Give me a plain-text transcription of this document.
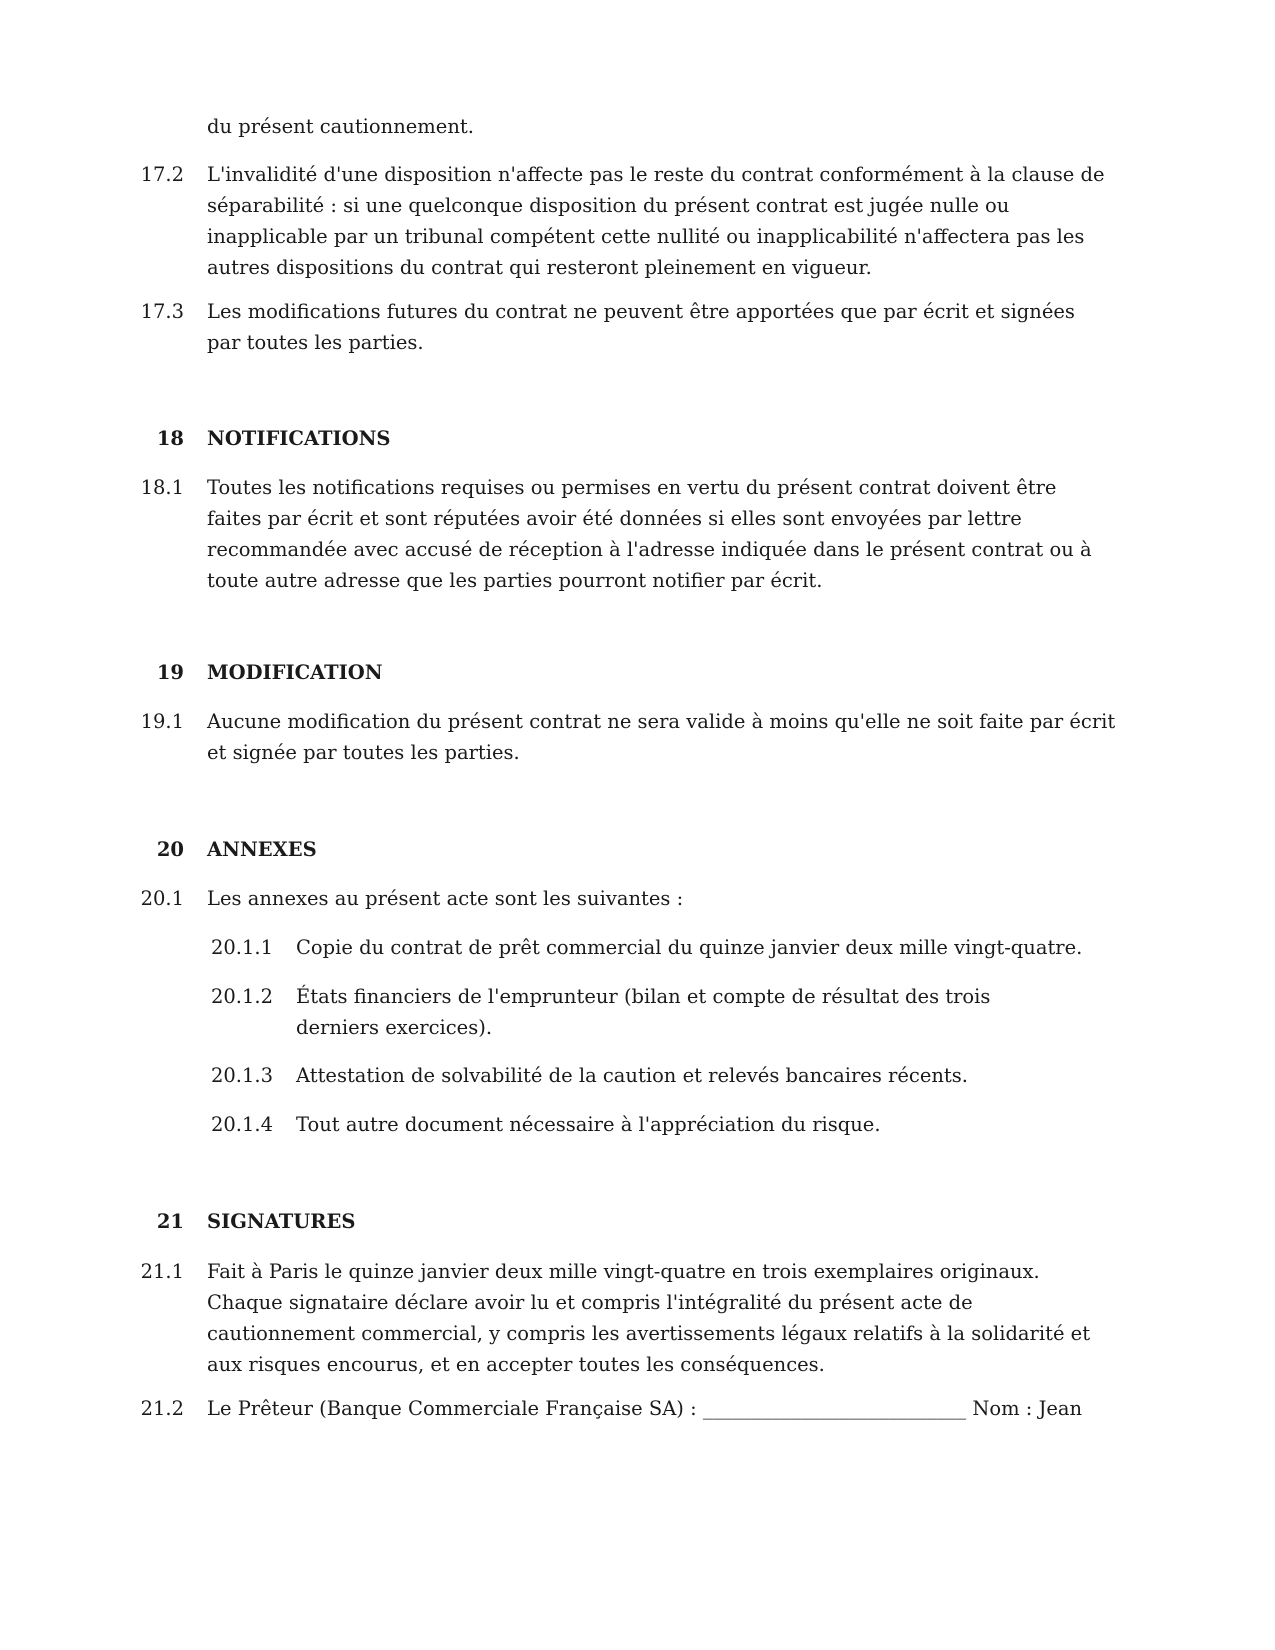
du présent cautionnement.
17.2 L'invalidité d'une disposition n'affecte pas le reste du contrat conformément à la clause de séparabilité : si une quelconque disposition du présent contrat est jugée nulle ou inapplicable par un tribunal compétent cette nullité ou inapplicabilité n'affectera pas les autres dispositions du contrat qui resteront pleinement en vigueur.
17.3 Les modifications futures du contrat ne peuvent être apportées que par écrit et signées par toutes les parties.
18 NOTIFICATIONS
18.1 Toutes les notifications requises ou permises en vertu du présent contrat doivent être faites par écrit et sont réputées avoir été données si elles sont envoyées par lettre recommandée avec accusé de réception à l'adresse indiquée dans le présent contrat ou à toute autre adresse que les parties pourront notifier par écrit.
19 MODIFICATION
19.1 Aucune modification du présent contrat ne sera valide à moins qu'elle ne soit faite par écrit et signée par toutes les parties.
20 ANNEXES
20.1 Les annexes au présent acte sont les suivantes :
20.1.1 Copie du contrat de prêt commercial du quinze janvier deux mille vingt-quatre.
20.1.2 États financiers de l'emprunteur (bilan et compte de résultat des trois derniers exercices).
20.1.3 Attestation de solvabilité de la caution et relevés bancaires récents.
20.1.4 Tout autre document nécessaire à l'appréciation du risque.
21 SIGNATURES
21.1 Fait à Paris le quinze janvier deux mille vingt-quatre en trois exemplaires originaux. Chaque signataire déclare avoir lu et compris l'intégralité du présent acte de cautionnement commercial, y compris les avertissements légaux relatifs à la solidarité et aux risques encourus, et en accepter toutes les conséquences.
21.2 Le Prêteur (Banque Commerciale Française SA) : ___________________________ Nom : Jean
